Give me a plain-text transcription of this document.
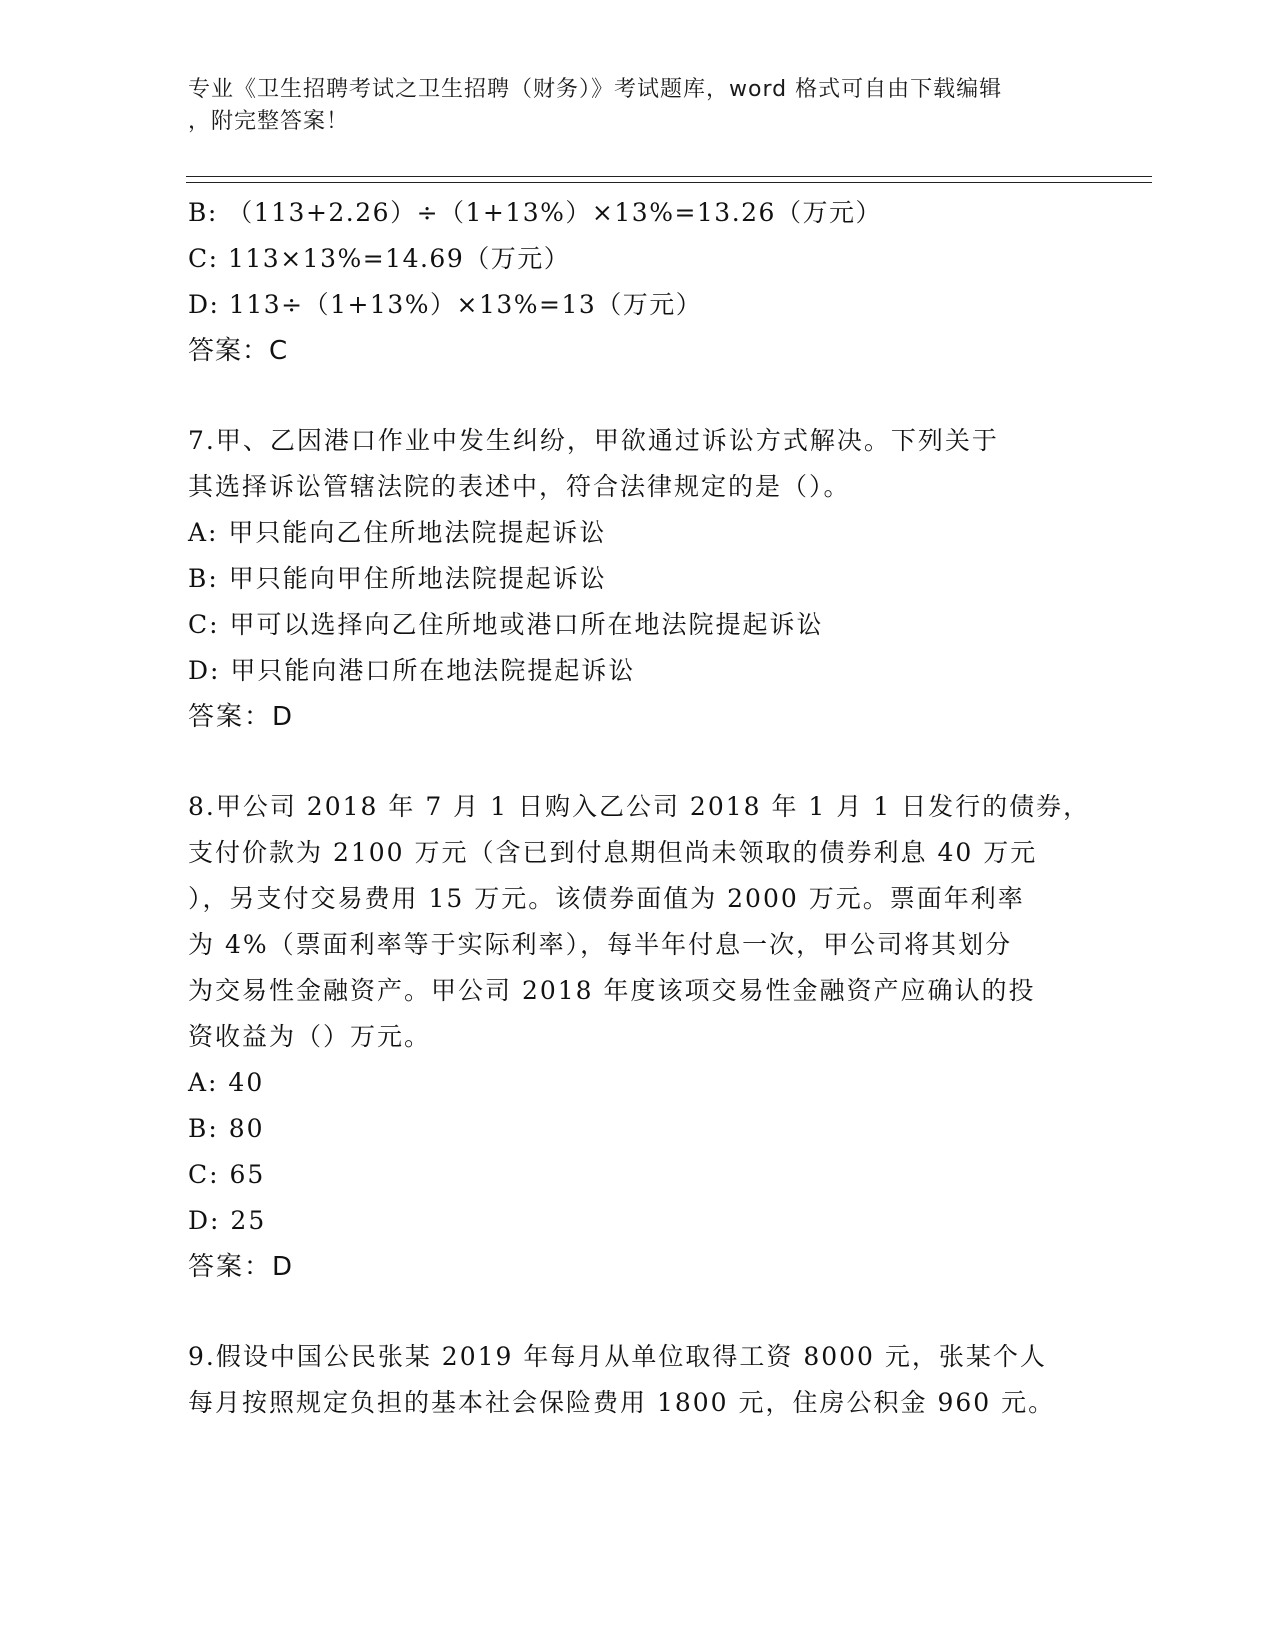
专业《卫生招聘考试之卫生招聘（财务）》考试题库，word 格式可自由下载编辑
，附完整答案！
B: （113+2.26）÷（1+13%）×13%=13.26（万元）
C: 113×13%=14.69（万元）
D: 113÷（1+13%）×13%=13（万元）
答案：C
7.甲、乙因港口作业中发生纠纷，甲欲通过诉讼方式解决。下列关于
其选择诉讼管辖法院的表述中，符合法律规定的是（）。
A: 甲只能向乙住所地法院提起诉讼
B: 甲只能向甲住所地法院提起诉讼
C: 甲可以选择向乙住所地或港口所在地法院提起诉讼
D: 甲只能向港口所在地法院提起诉讼
答案：D
8.甲公司 2018 年 7 月 1 日购入乙公司 2018 年 1 月 1 日发行的债券，
支付价款为 2100 万元（含已到付息期但尚未领取的债券利息 40 万元
），另支付交易费用 15 万元。该债券面值为 2000 万元。票面年利率
为 4%（票面利率等于实际利率），每半年付息一次，甲公司将其划分
为交易性金融资产。甲公司 2018 年度该项交易性金融资产应确认的投
资收益为（）万元。
A: 40
B: 80
C: 65
D: 25
答案：D
9.假设中国公民张某 2019 年每月从单位取得工资 8000 元，张某个人
每月按照规定负担的基本社会保险费用 1800 元，住房公积金 960 元。
